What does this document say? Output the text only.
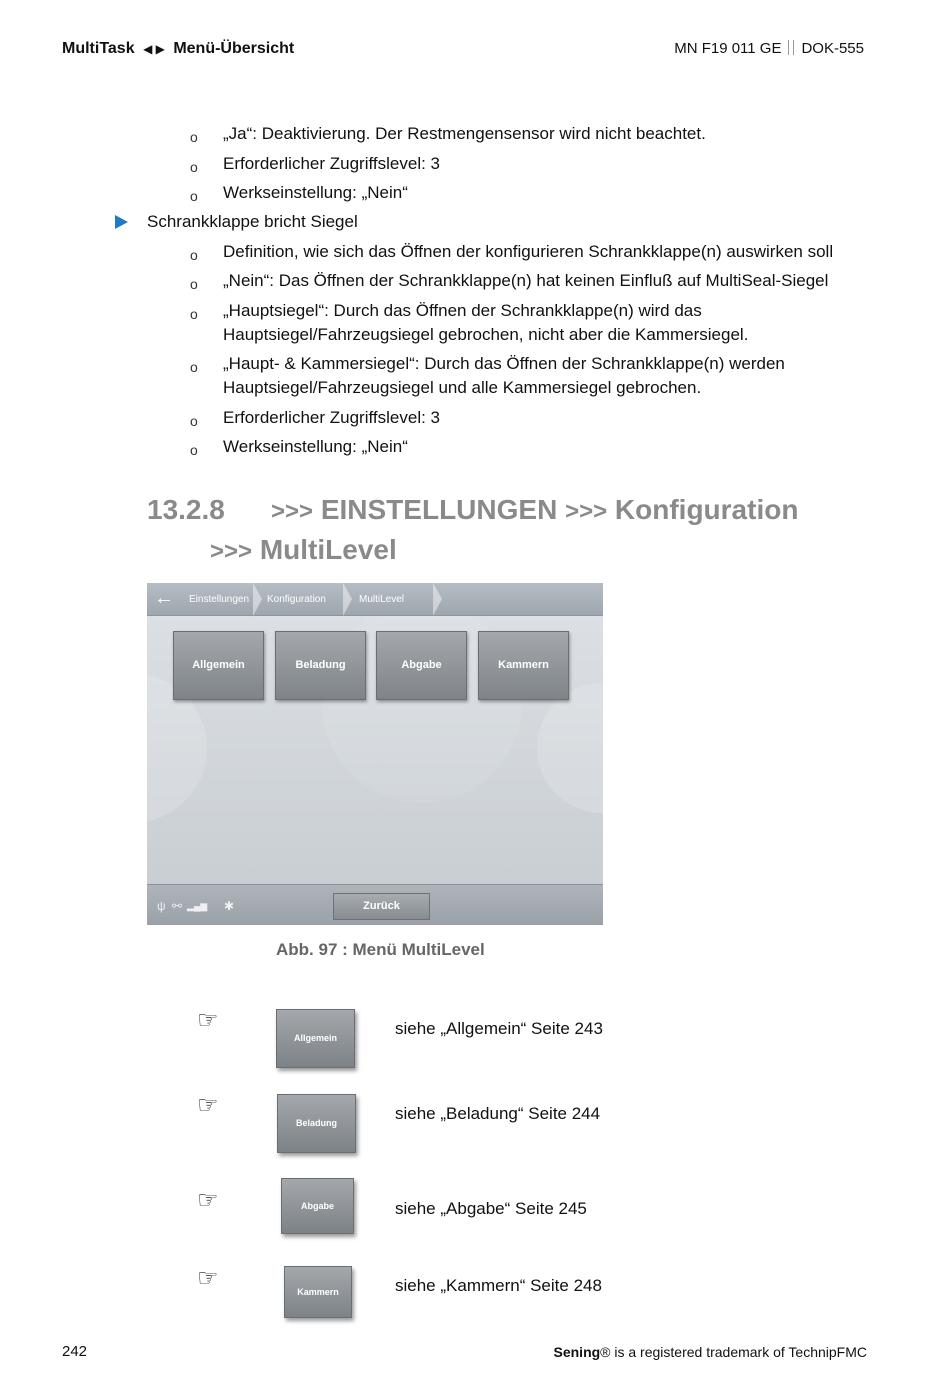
MultiTask ◀ ▶ Menü-Übersicht	MN F19 011 GE DOK-555
o „Ja“: Deaktivierung. Der Restmengensensor wird nicht beachtet.
o Erforderlicher Zugriffslevel: 3
o Werkseinstellung: „Nein“
Schrankklappe bricht Siegel
o Definition, wie sich das Öffnen der konfigurieren Schrankklappe(n) auswirken soll
o „Nein“: Das Öffnen der Schrankklappe(n) hat keinen Einfluß auf MultiSeal-Siegel
o „Hauptsiegel“: Durch das Öffnen der Schrankklappe(n) wird das
Hauptsiegel/Fahrzeugsiegel gebrochen, nicht aber die Kammersiegel.
o „Haupt- & Kammersiegel“: Durch das Öffnen der Schrankklappe(n) werden
Hauptsiegel/Fahrzeugsiegel und alle Kammersiegel gebrochen.
o Erforderlicher Zugriffslevel: 3
o Werkseinstellung: „Nein“
13.2.8 >>> EINSTELLUNGEN >>> Konfiguration
>>> MultiLevel
←	Einstellungen	Konfiguration	MultiLevel
Allgemein	Beladung	Abgabe	Kammern
ψ ⚯ ▂▄▆ ✱	Zurück
Abb. 97 : Menü MultiLevel
☞
Allgemein	siehe „Allgemein“ Seite 243
☞
Beladung	siehe „Beladung“ Seite 244
☞	Abgabe	siehe „Abgabe“ Seite 245
☞	Kammern	siehe „Kammern“ Seite 248
242	Sening® is a registered trademark of TechnipFMC
